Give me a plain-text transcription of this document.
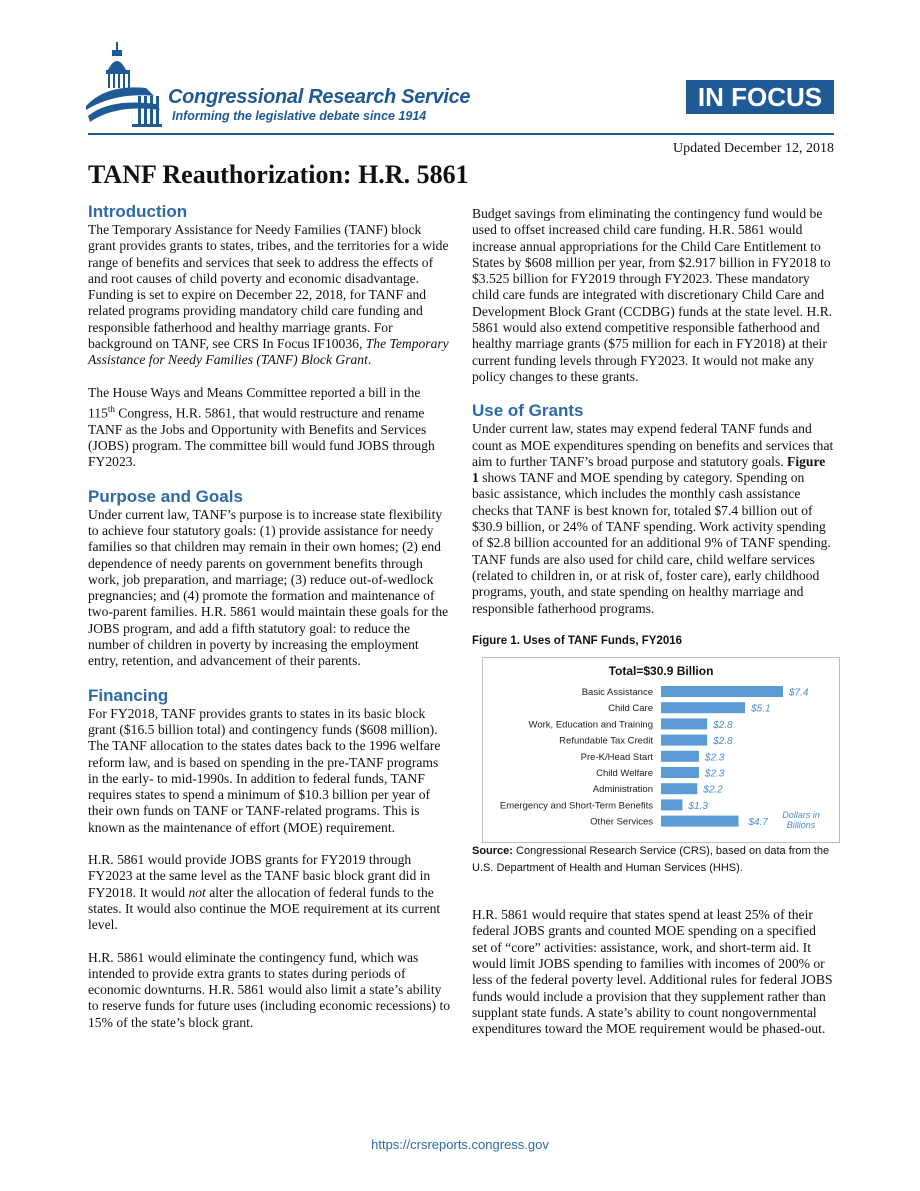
Congressional Research Service
Informing the legislative debate since 1914
IN FOCUS
Updated December 12, 2018
TANF Reauthorization: H.R. 5861
Introduction

The Temporary Assistance for Needy Families (TANF) block grant provides grants to states, tribes, and the territories for a wide range of benefits and services that seek to address the effects of and root causes of child poverty and economic disadvantage. Funding is set to expire on December 22, 2018, for TANF and related programs providing mandatory child care funding and responsible fatherhood and healthy marriage grants. For background on TANF, see CRS In Focus IF10036, The Temporary Assistance for Needy Families (TANF) Block Grant.

The House Ways and Means Committee reported a bill in the 115th Congress, H.R. 5861, that would restructure and rename TANF as the Jobs and Opportunity with Benefits and Services (JOBS) program. The committee bill would fund JOBS through FY2023.

Purpose and Goals

Under current law, TANF’s purpose is to increase state flexibility to achieve four statutory goals: (1) provide assistance for needy families so that children may remain in their own homes; (2) end dependence of needy parents on government benefits through work, job preparation, and marriage; (3) reduce out-of-wedlock pregnancies; and (4) promote the formation and maintenance of two-parent families. H.R. 5861 would maintain these goals for the JOBS program, and add a fifth statutory goal: to reduce the number of children in poverty by increasing the employment entry, retention, and advancement of their parents.

Financing

For FY2018, TANF provides grants to states in its basic block grant ($16.5 billion total) and contingency funds ($608 million). The TANF allocation to the states dates back to the 1996 welfare reform law, and is based on spending in the pre-TANF programs in the early- to mid-1990s. In addition to federal funds, TANF requires states to spend a minimum of $10.3 billion per year of their own funds on TANF or TANF-related programs. This is known as the maintenance of effort (MOE) requirement.

H.R. 5861 would provide JOBS grants for FY2019 through FY2023 at the same level as the TANF basic block grant did in FY2018. It would not alter the allocation of federal funds to the states. It would also continue the MOE requirement at its current level.

H.R. 5861 would eliminate the contingency fund, which was intended to provide extra grants to states during periods of economic downturns. H.R. 5861 would also limit a state’s ability to reserve funds for future uses (including economic recessions) to 15% of the state’s block grant.

Budget savings from eliminating the contingency fund would be used to offset increased child care funding. H.R. 5861 would increase annual appropriations for the Child Care Entitlement to States by $608 million per year, from $2.917 billion in FY2018 to $3.525 billion for FY2019 through FY2023. These mandatory child care funds are integrated with discretionary Child Care and Development Block Grant (CCDBG) funds at the state level. H.R. 5861 would also extend competitive responsible fatherhood and healthy marriage grants ($75 million for each in FY2018) at their current funding levels through FY2023. It would not make any policy changes to these grants.

Use of Grants

Under current law, states may expend federal TANF funds and count as MOE expenditures spending on benefits and services that aim to further TANF’s broad purpose and statutory goals. Figure 1 shows TANF and MOE spending by category. Spending on basic assistance, which includes the monthly cash assistance checks that TANF is best known for, totaled $7.4 billion out of $30.9 billion, or 24% of TANF spending. Work activity spending of $2.8 billion accounted for an additional 9% of TANF spending. TANF funds are also used for child care, child welfare services (related to children in, or at risk of, foster care), early childhood programs, youth, and state spending on healthy marriage and responsible fatherhood programs.

Figure 1. Uses of TANF Funds, FY2016
Total=$30.9 Billion
Basic Assistance	$7.4
Child Care	$5.1
Work, Education and Training	$2.8
Refundable Tax Credit	$2.8
Pre-K/Head Start	$2.3
Child Welfare	$2.3
Administration	$2.2
Emergency and Short-Term Benefits	$1.3
Other Services	$4.7
Dollars in
Billions

Source: Congressional Research Service (CRS), based on data from the U.S. Department of Health and Human Services (HHS).

H.R. 5861 would require that states spend at least 25% of their federal JOBS grants and counted MOE spending on a specified set of “core” activities: assistance, work, and short-term aid. It would limit JOBS spending to families with incomes of 200% or less of the federal poverty level. Additional rules for federal JOBS funds would include a provision that they supplement rather than supplant state funds. A state’s ability to count nongovernmental expenditures toward the MOE requirement would be phased-out.

https://crsreports.congress.gov
